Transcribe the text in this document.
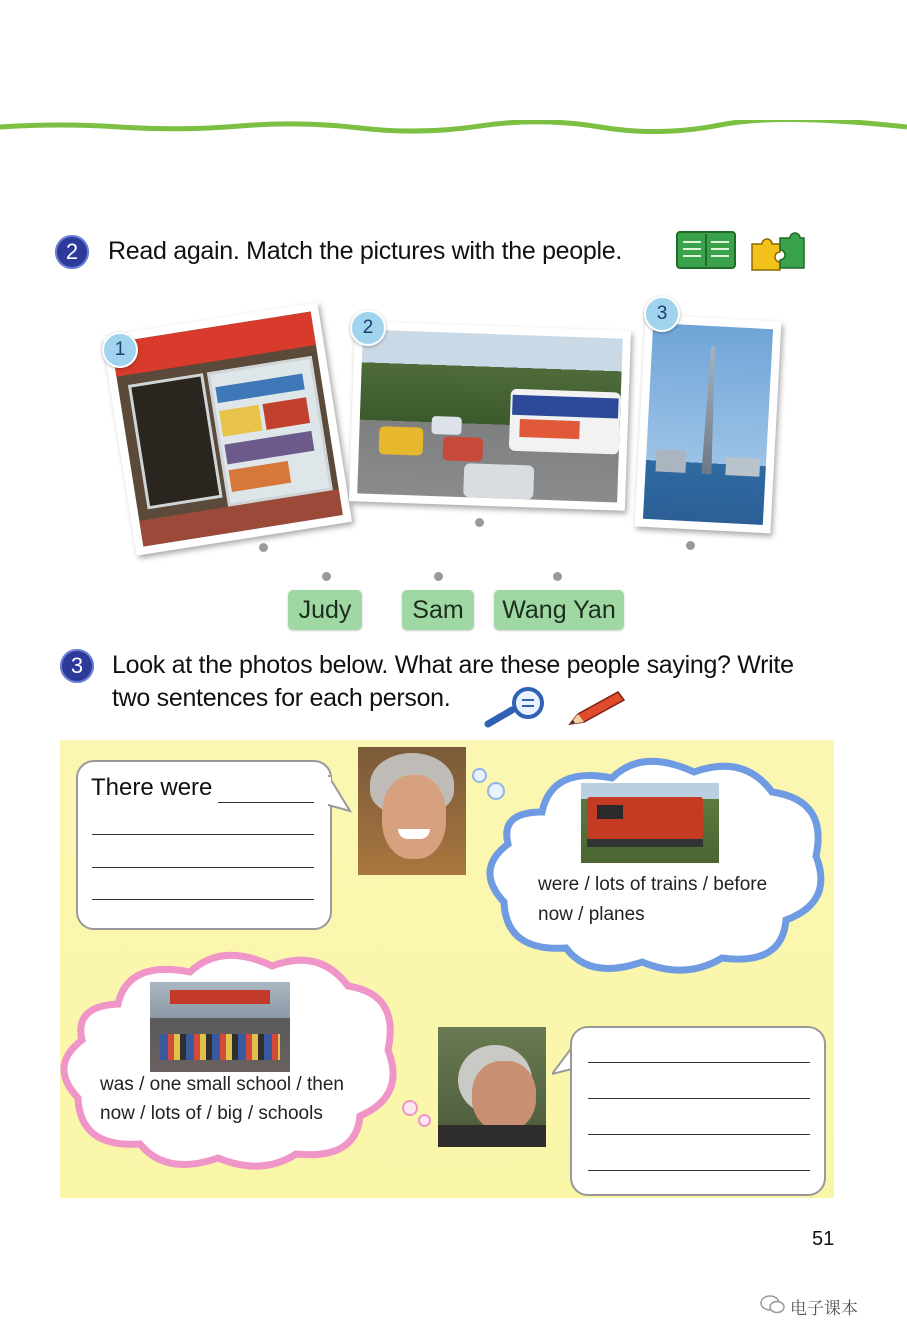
2	Read again. Match the pictures with the people.
1
2
3
Judy	Sam	Wang Yan
3	Look at the photos below. What are these people saying? Write
two sentences for each person.
There were
were / lots of trains / before
now / planes
was / one small school / then
now / lots of / big / schools
51
电子课本
